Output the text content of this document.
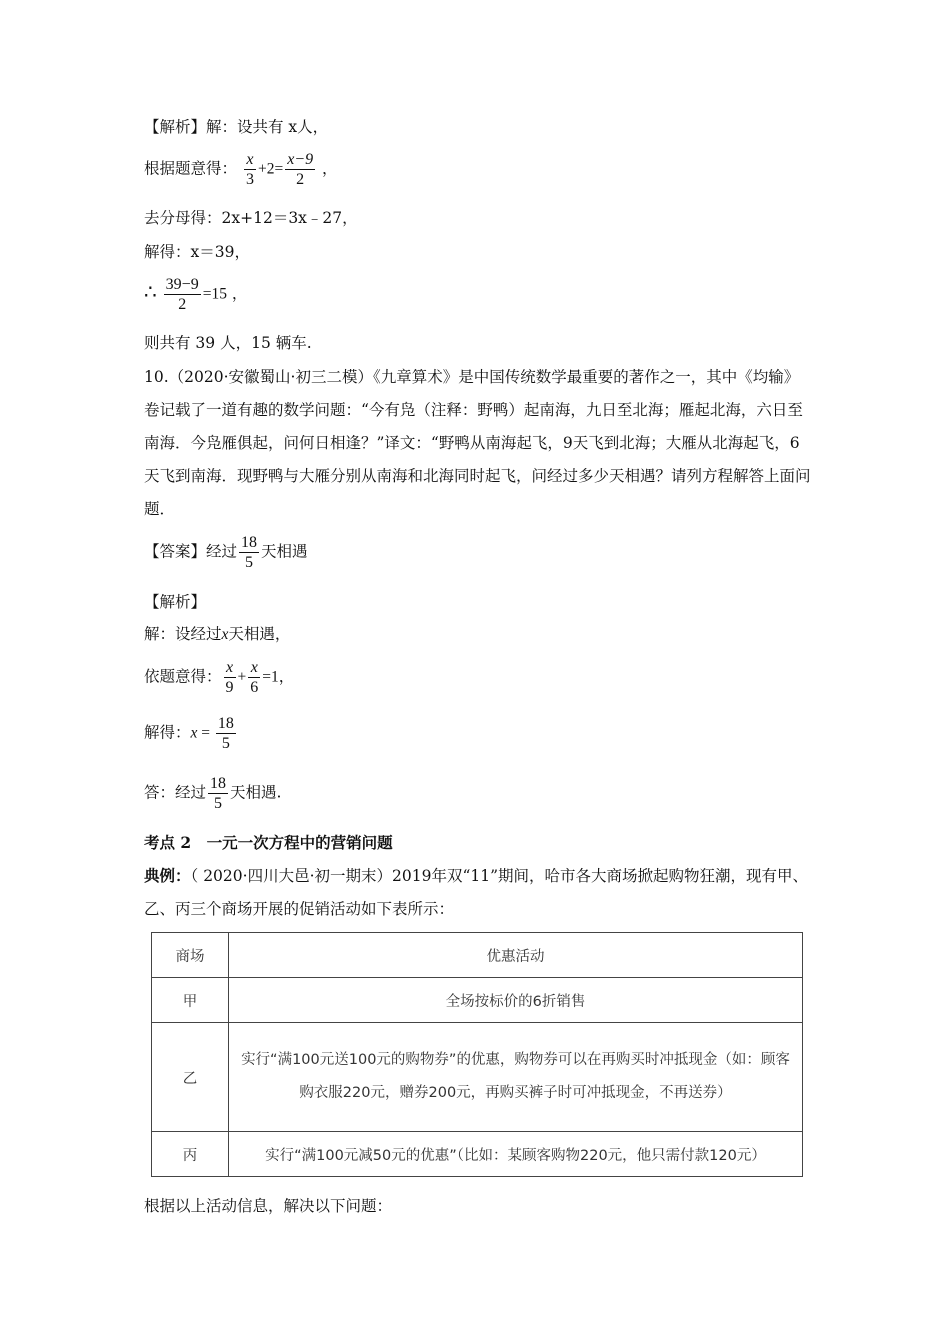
【解析】解：设共有 x人，
根据题意得： $\frac{x}{3} +2= \frac{x-9}{2}$ ，
去分母得：2x+12＝3x﹣27，
解得：x＝39，
∴ $\frac{39-9}{2} =15$ ，
则共有 39 人，15 辆车.
10.（2020·安徽蜀山·初三二模）《九章算术》是中国传统数学最重要的著作之一，其中《均输》卷记载了一道有趣的数学问题：“今有凫（注释：野鸭）起南海，九日至北海；雁起北海，六日至南海．今凫雁俱起，问何日相逢？”译文：“野鸭从南海起飞，9天飞到北海；大雁从北海起飞，6天飞到南海．现野鸭与大雁分别从南海和北海同时起飞，问经过多少天相遇？请列方程解答上面问题．
【答案】经过 $\frac{18}{5}$ 天相遇
【解析】
解：设经过x天相遇，
依题意得： $\frac{x}{9} + \frac{x}{6} =1$，
解得：$x = \frac{18}{5}$
答：经过 $\frac{18}{5}$ 天相遇.
考点 2　一元一次方程中的营销问题
典例：（ 2020·四川大邑·初一期末）2019年双“11”期间，哈市各大商场掀起购物狂潮，现有甲、乙、丙三个商场开展的促销活动如下表所示：
商场	优惠活动
甲	全场按标价的6折销售
乙	实行“满100元送100元的购物券”的优惠，购物券可以在再购买时冲抵现金（如：顾客购衣服220元，赠券200元，再购买裤子时可冲抵现金，不再送券）
丙	实行“满100元减50元的优惠”（比如：某顾客购物220元，他只需付款120元）
根据以上活动信息，解决以下问题：
